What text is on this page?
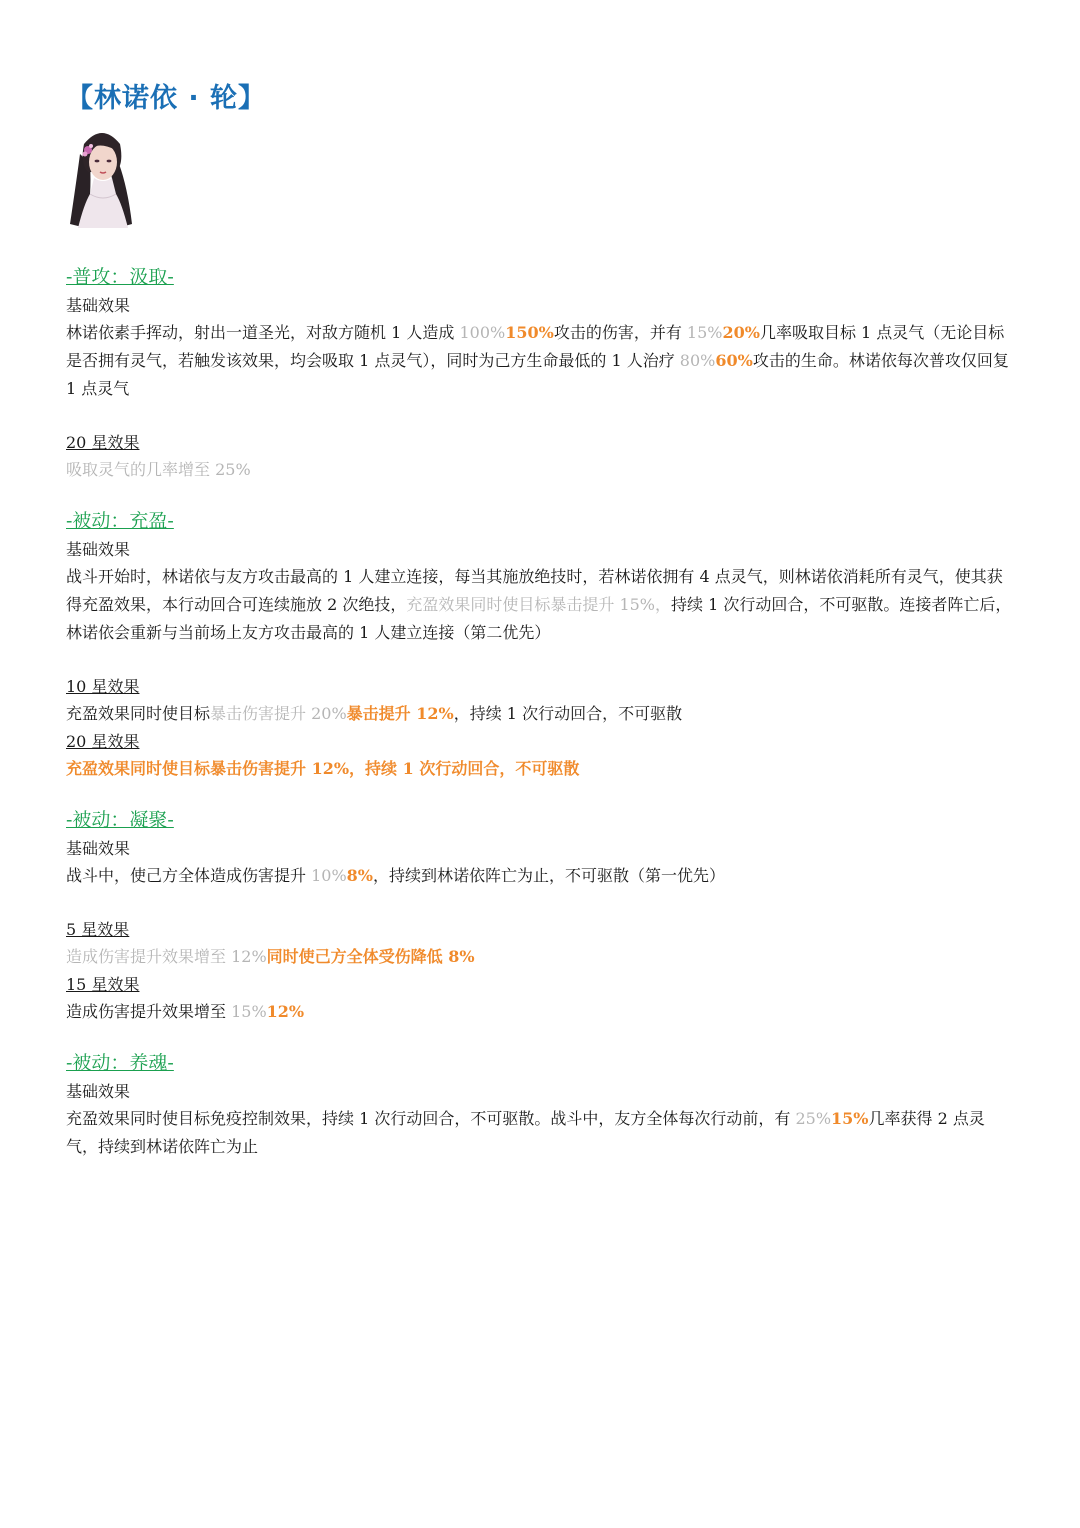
【林诺依 · 轮】

-普攻：汲取-

基础效果

林诺依素手挥动，射出一道圣光，对敌方随机 1 人造成 100%150%攻击的伤害，并有 15%20%几率吸取目标 1 点灵气（无论目标是否拥有灵气，若触发该效果，均会吸取 1 点灵气），同时为己方生命最低的 1 人治疗 80%60%攻击的生命。林诺依每次普攻仅回复 1 点灵气

20 星效果

吸取灵气的几率增至 25%

-被动：充盈-

基础效果

战斗开始时，林诺依与友方攻击最高的 1 人建立连接，每当其施放绝技时，若林诺依拥有 4 点灵气，则林诺依消耗所有灵气，使其获得充盈效果，本行动回合可连续施放 2 次绝技，充盈效果同时使目标暴击提升 15%，持续 1 次行动回合，不可驱散。连接者阵亡后，林诺依会重新与当前场上友方攻击最高的 1 人建立连接（第二优先）

10 星效果

充盈效果同时使目标暴击伤害提升 20%暴击提升 12%，持续 1 次行动回合，不可驱散

20 星效果

充盈效果同时使目标暴击伤害提升 12%，持续 1 次行动回合，不可驱散

-被动：凝聚-

基础效果

战斗中，使己方全体造成伤害提升 10%8%，持续到林诺依阵亡为止，不可驱散（第一优先）

5 星效果

造成伤害提升效果增至 12%同时使己方全体受伤降低 8%

15 星效果

造成伤害提升效果增至 15%12%

-被动：养魂-

基础效果

充盈效果同时使目标免疫控制效果，持续 1 次行动回合，不可驱散。战斗中，友方全体每次行动前，有 25%15%几率获得 2 点灵气，持续到林诺依阵亡为止
